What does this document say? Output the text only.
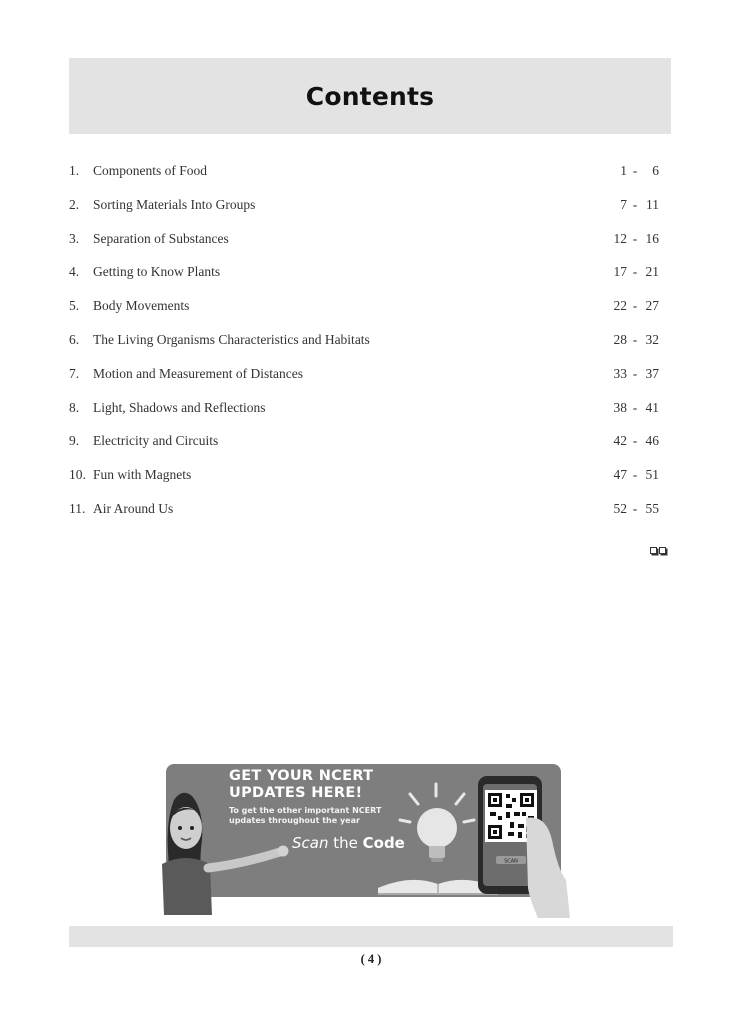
Contents
1.	Components of Food	1 -	6
2.	Sorting Materials Into Groups	7 - 11
3.	Separation of Substances	12 - 16
4.	Getting to Know Plants	17 - 21
5.	Body Movements	22 - 27
6.	The Living Organisms Characteristics and Habitats	28 - 32
7.	Motion and Measurement of Distances	33 - 37
8.	Light, Shadows and Reflections	38 - 41
9.	Electricity and Circuits	42 - 46
10. Fun with Magnets	47 - 51
11. Air Around Us	52 - 55
GET YOUR NCERT
UPDATES HERE!
To get the other important NCERT
updates throughout the year
Scan the Code
SCAN
( 4 )
